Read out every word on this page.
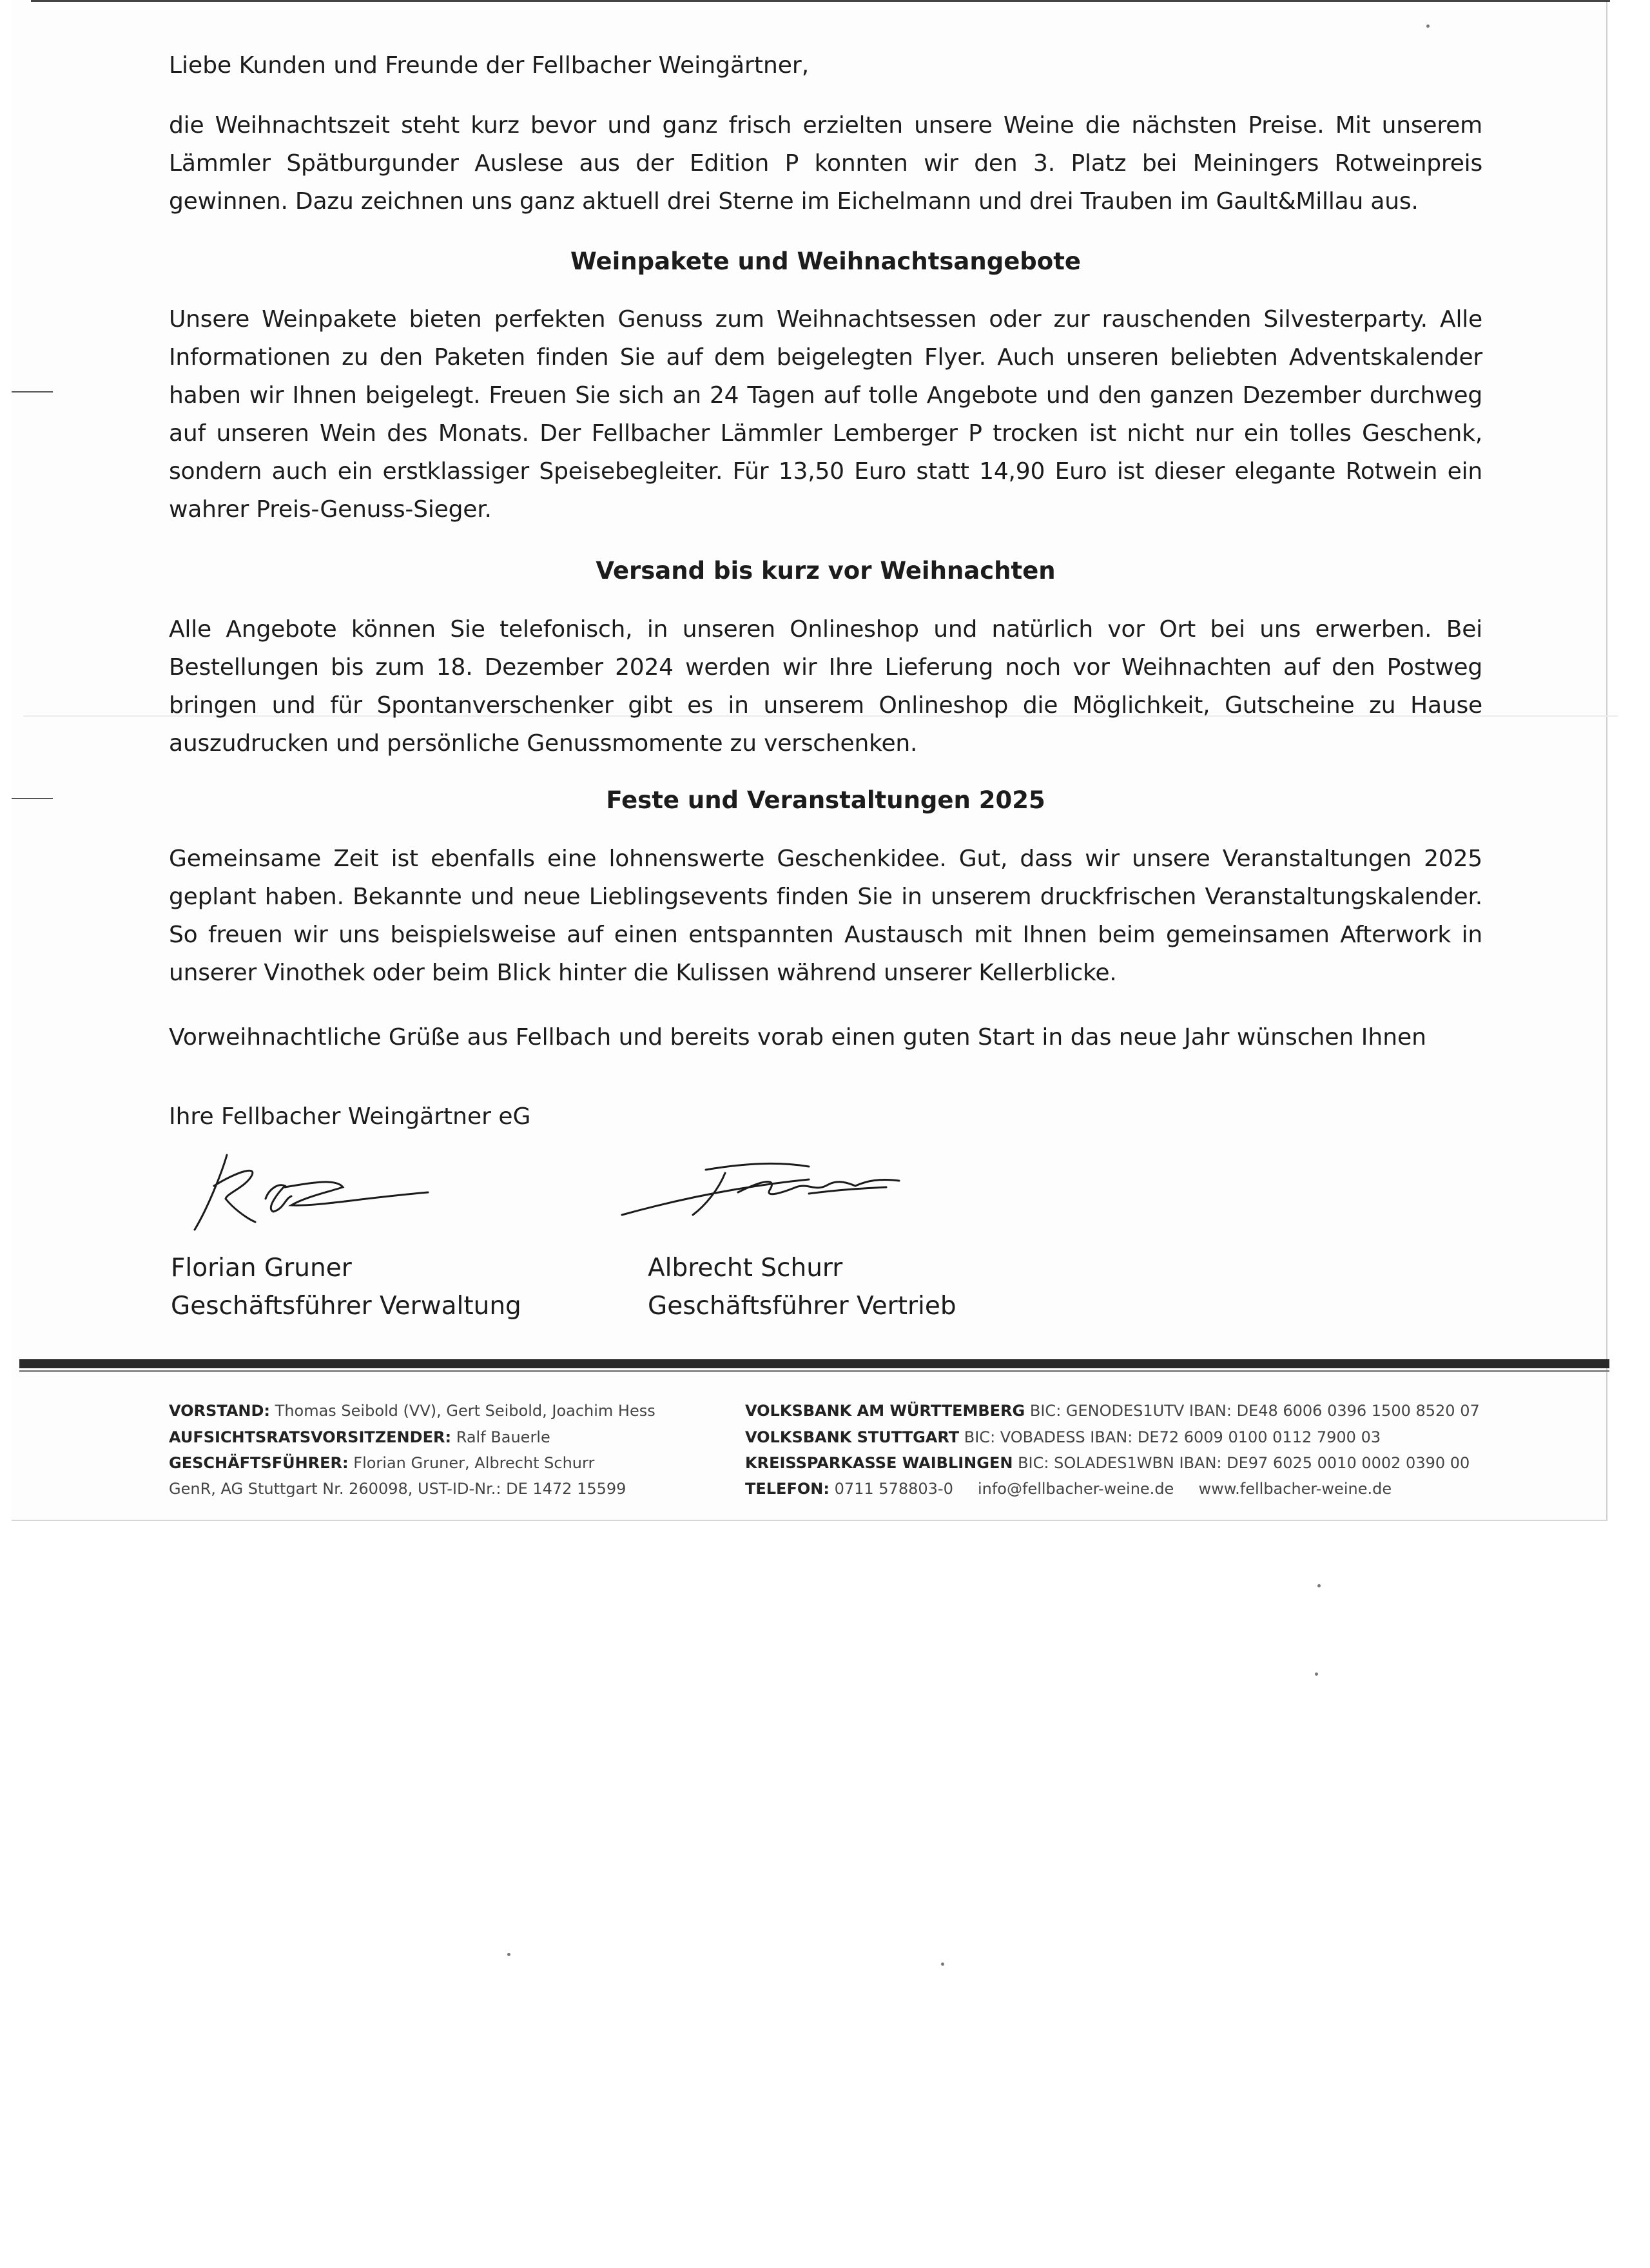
Liebe Kunden und Freunde der Fellbacher Weingärtner,

die Weihnachtszeit steht kurz bevor und ganz frisch erzielten unsere Weine die nächsten Preise. Mit unserem Lämmler Spätburgunder Auslese aus der Edition P konnten wir den 3. Platz bei Meiningers Rotweinpreis gewinnen. Dazu zeichnen uns ganz aktuell drei Sterne im Eichelmann und drei Trauben im Gault&Millau aus.

Weinpakete und Weihnachtsangebote

Unsere Weinpakete bieten perfekten Genuss zum Weihnachtsessen oder zur rauschenden Silvesterparty. Alle Informationen zu den Paketen finden Sie auf dem beigelegten Flyer. Auch unseren beliebten Adventskalender haben wir Ihnen beigelegt. Freuen Sie sich an 24 Tagen auf tolle Angebote und den ganzen Dezember durchweg auf unseren Wein des Monats. Der Fellbacher Lämmler Lemberger P trocken ist nicht nur ein tolles Geschenk, sondern auch ein erstklassiger Speisebegleiter. Für 13,50 Euro statt 14,90 Euro ist dieser elegante Rotwein ein wahrer Preis-Genuss-Sieger.

Versand bis kurz vor Weihnachten

Alle Angebote können Sie telefonisch, in unseren Onlineshop und natürlich vor Ort bei uns erwerben. Bei Bestellungen bis zum 18. Dezember 2024 werden wir Ihre Lieferung noch vor Weihnachten auf den Postweg bringen und für Spontanverschenker gibt es in unserem Onlineshop die Möglichkeit, Gutscheine zu Hause auszudrucken und persönliche Genussmomente zu verschenken.

Feste und Veranstaltungen 2025

Gemeinsame Zeit ist ebenfalls eine lohnenswerte Geschenkidee. Gut, dass wir unsere Veranstaltungen 2025 geplant haben. Bekannte und neue Lieblingsevents finden Sie in unserem druckfrischen Veranstaltungskalender. So freuen wir uns beispielsweise auf einen entspannten Austausch mit Ihnen beim gemeinsamen Afterwork in unserer Vinothek oder beim Blick hinter die Kulissen während unserer Kellerblicke.

Vorweihnachtliche Grüße aus Fellbach und bereits vorab einen guten Start in das neue Jahr wünschen Ihnen

Ihre Fellbacher Weingärtner eG

Florian Gruner

Geschäftsführer Verwaltung

Albrecht Schurr

Geschäftsführer Vertrieb

VORSTAND: Thomas Seibold (VV), Gert Seibold, Joachim Hess

AUFSICHTSRATSVORSITZENDER: Ralf Bauerle

GESCHÄFTSFÜHRER: Florian Gruner, Albrecht Schurr

GenR, AG Stuttgart Nr. 260098, UST-ID-Nr.: DE 1472 15599

VOLKSBANK AM WÜRTTEMBERG BIC: GENODES1UTV IBAN: DE48 6006 0396 1500 8520 07

VOLKSBANK STUTTGART BIC: VOBADESS IBAN: DE72 6009 0100 0112 7900 03

KREISSPARKASSE WAIBLINGEN BIC: SOLADES1WBN IBAN: DE97 6025 0010 0002 0390 00

TELEFON: 0711 578803-0     info@fellbacher-weine.de     www.fellbacher-weine.de
